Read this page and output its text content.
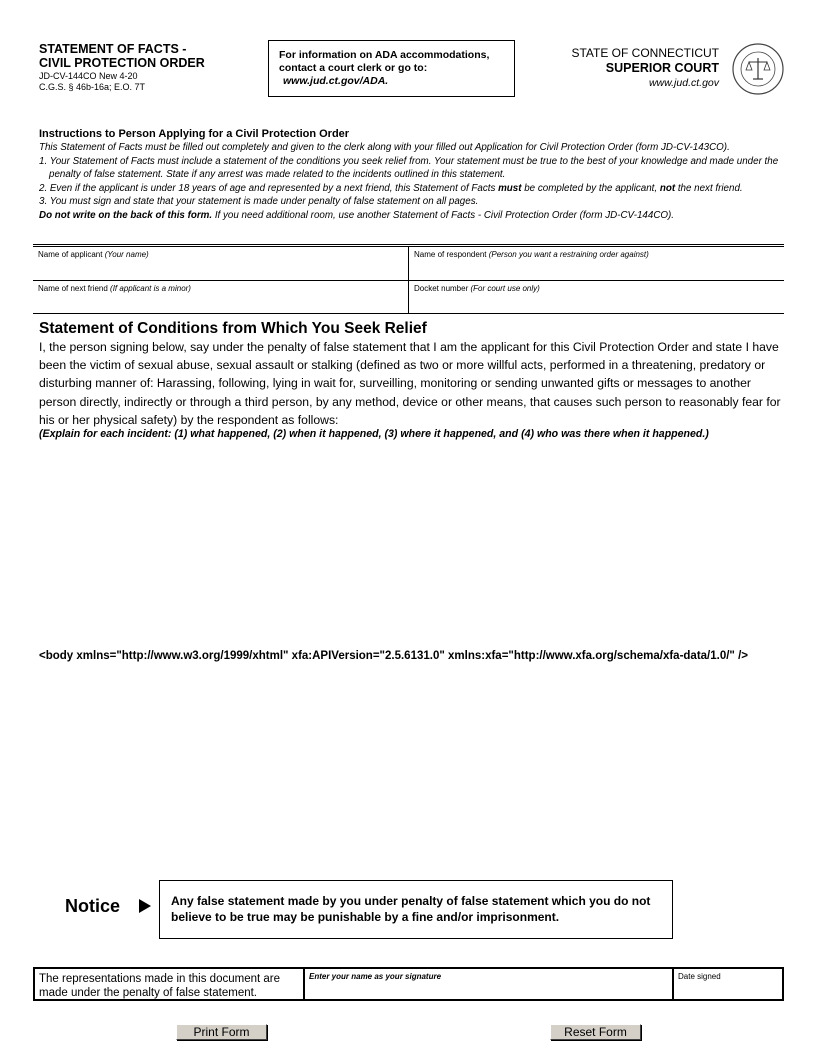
STATEMENT OF FACTS -
CIVIL PROTECTION ORDER
JD-CV-144CO New 4-20
C.G.S. § 46b-16a; E.O. 7T
For information on ADA accommodations,
contact a court clerk or go to:
www.jud.ct.gov/ADA.
STATE OF CONNECTICUT
SUPERIOR COURT
www.jud.ct.gov
Instructions to Person Applying for a Civil Protection Order
This Statement of Facts must be filled out completely and given to the clerk along with your filled out Application for Civil Protection Order (form JD-CV-143CO).
1. Your Statement of Facts must include a statement of the conditions you seek relief from. Your statement must be true to the best of your knowledge and made under the penalty of false statement. State if any arrest was made related to the incidents outlined in this statement.
2. Even if the applicant is under 18 years of age and represented by a next friend, this Statement of Facts must be completed by the applicant, not the next friend.
3. You must sign and state that your statement is made under penalty of false statement on all pages.
Do not write on the back of this form. If you need additional room, use another Statement of Facts - Civil Protection Order (form JD-CV-144CO).
Name of applicant (Your name)	Name of respondent (Person you want a restraining order against)
Name of next friend (If applicant is a minor)	Docket number (For court use only)
Statement of Conditions from Which You Seek Relief

I, the person signing below, say under the penalty of false statement that I am the applicant for this Civil Protection Order and state I have been the victim of sexual abuse, sexual assault or stalking (defined as two or more willful acts, performed in a threatening, predatory or disturbing manner of: Harassing, following, lying in wait for, surveilling, monitoring or sending unwanted gifts or messages to another person directly, indirectly or through a third person, by any method, device or other means, that causes such person to reasonably fear for his or her physical safety) by the respondent as follows:

(Explain for each incident: (1) what happened, (2) when it happened, (3) where it happened, and (4) who was there when it happened.)
<body xmlns="http://www.w3.org/1999/xhtml" xfa:APIVersion="2.5.6131.0" xmlns:xfa="http://www.xfa.org/schema/xfa-data/1.0/" />
Notice	Any false statement made by you under penalty of false statement which you do not believe to be true may be punishable by a fine and/or imprisonment.
The representations made in this document are made under the penalty of false statement.
Enter your name as your signature	Date signed
Print Form	Reset Form
